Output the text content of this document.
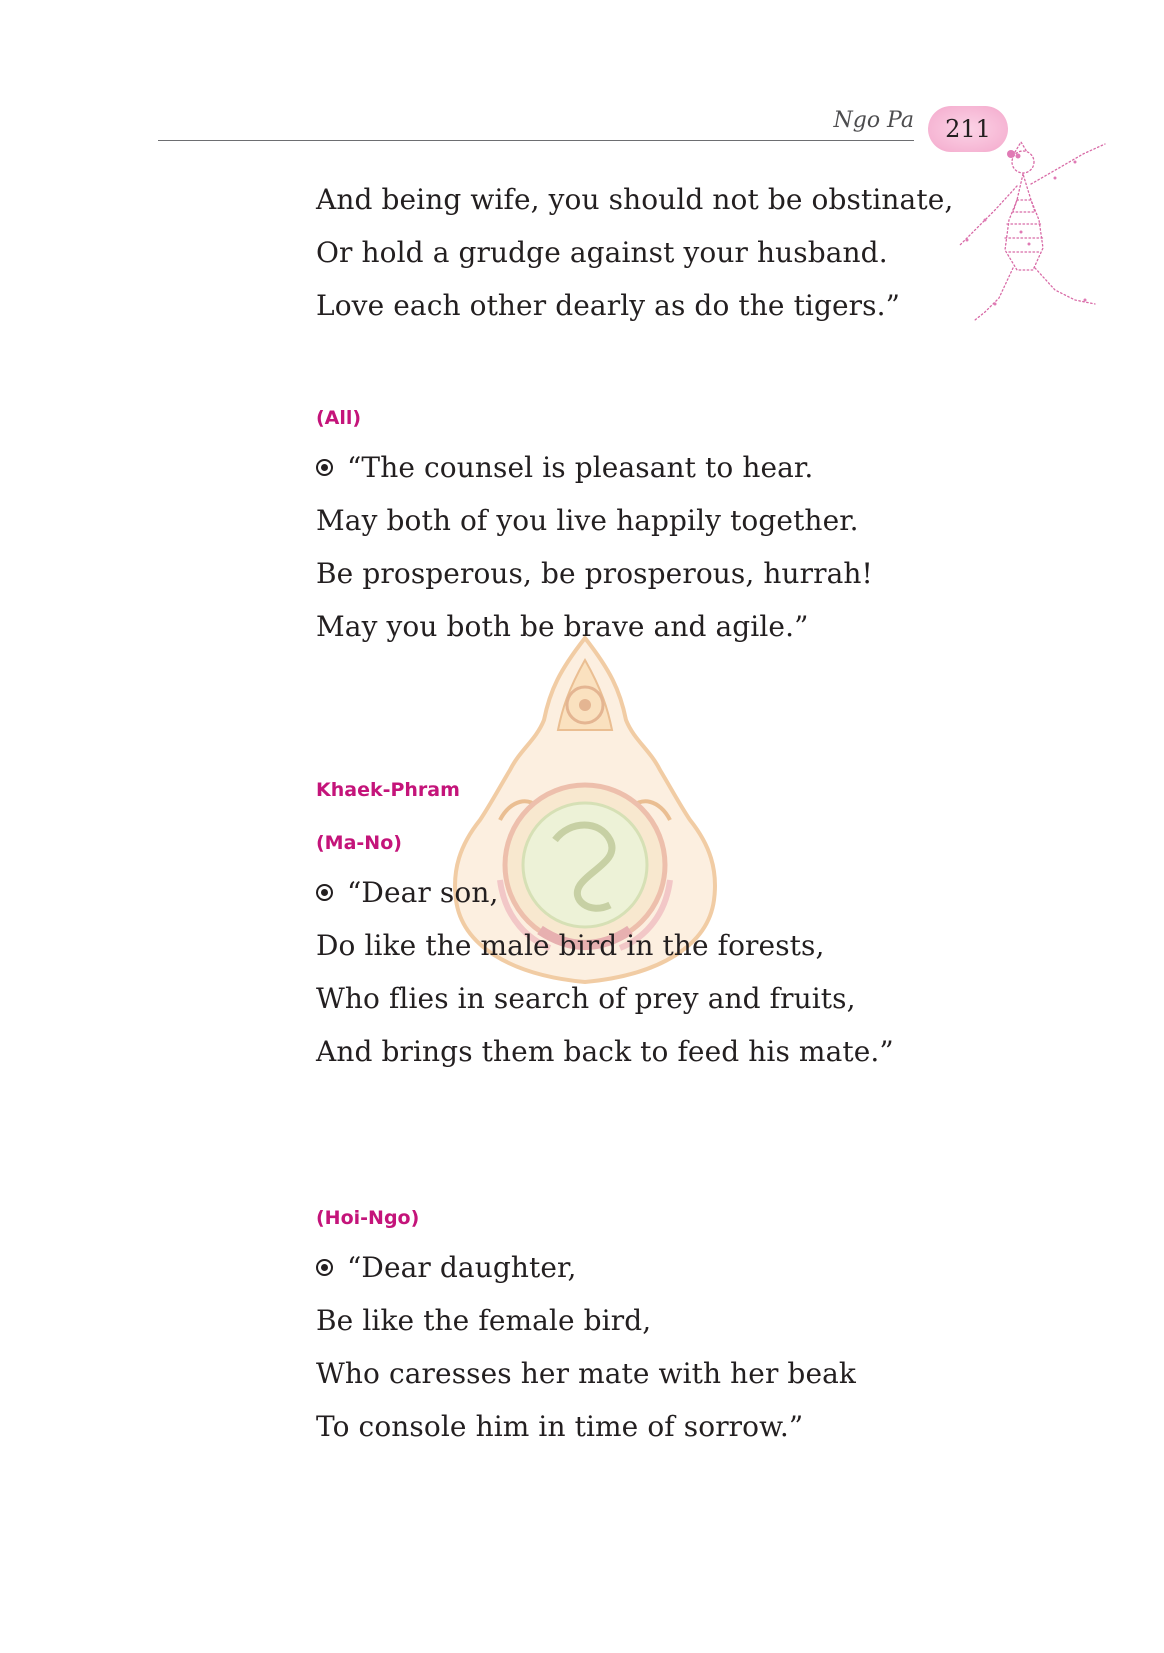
Ngo Pa	211
And being wife, you should not be obstinate,
Or hold a grudge against your husband.
Love each other dearly as do the tigers.”
(All)
“The counsel is pleasant to hear.
May both of you live happily together.
Be prosperous, be prosperous, hurrah!
May you both be brave and agile.”
Khaek-Phram
(Ma-No)
“Dear son,
Do like the male bird in the forests,
Who flies in search of prey and fruits,
And brings them back to feed his mate.”
(Hoi-Ngo)
“Dear daughter,
Be like the female bird,
Who caresses her mate with her beak
To console him in time of sorrow.”
